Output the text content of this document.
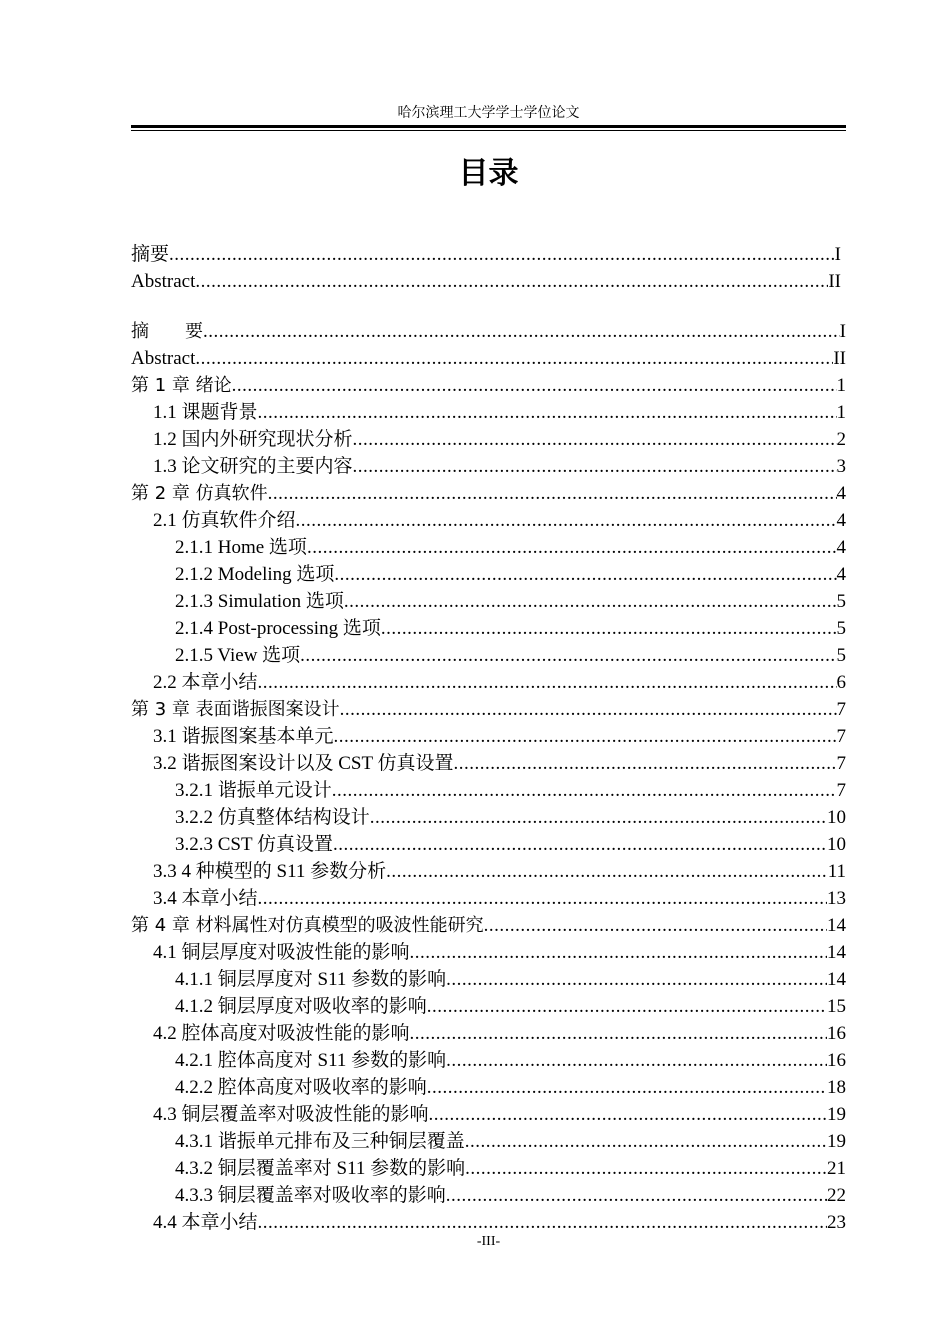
哈尔滨理工大学学士学位论文
目录
摘要 .....	I
Abstract .....	II
摘　　要 .....	I
Abstract .....	II
第 1 章 绪论 .....	1
1.1 课题背景 .....	1
1.2 国内外研究现状分析 .....	2
1.3 论文研究的主要内容 .....	3
第 2 章 仿真软件 .....	4
2.1 仿真软件介绍 .....	4
2.1.1 Home 选项 .....	4
2.1.2 Modeling 选项 .....	4
2.1.3 Simulation 选项 .....	5
2.1.4 Post-processing 选项 .....	5
2.1.5 View 选项 .....	5
2.2 本章小结 .....	6
第 3 章 表面谐振图案设计 .....	7
3.1 谐振图案基本单元 .....	7
3.2 谐振图案设计以及 CST 仿真设置 .....	7
3.2.1 谐振单元设计 .....	7
3.2.2 仿真整体结构设计 .....	10
3.2.3 CST 仿真设置 .....	10
3.3 4 种模型的 S11 参数分析 .....	11
3.4 本章小结 .....	13
第 4 章 材料属性对仿真模型的吸波性能研究 .....	14
4.1 铜层厚度对吸波性能的影响 .....	14
4.1.1 铜层厚度对 S11 参数的影响 .....	14
4.1.2 铜层厚度对吸收率的影响 .....	15
4.2 腔体高度对吸波性能的影响 .....	16
4.2.1 腔体高度对 S11 参数的影响 .....	16
4.2.2 腔体高度对吸收率的影响 .....	18
4.3 铜层覆盖率对吸波性能的影响 .....	19
4.3.1 谐振单元排布及三种铜层覆盖 .....	19
4.3.2 铜层覆盖率对 S11 参数的影响 .....	21
4.3.3 铜层覆盖率对吸收率的影响 .....	22
4.4 本章小结 .....	23
-III-
